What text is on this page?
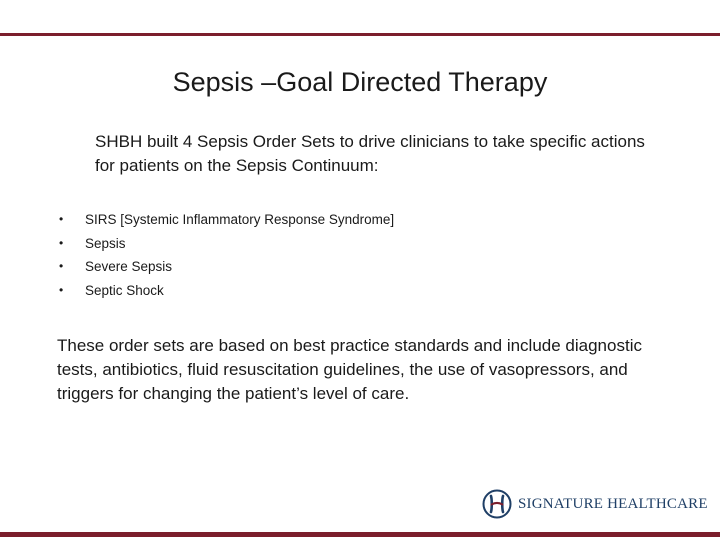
Sepsis –Goal Directed Therapy

SHBH built 4 Sepsis Order Sets to drive clinicians to take specific actions for patients on the Sepsis Continuum:

• SIRS [Systemic Inflammatory Response Syndrome]
• Sepsis
• Severe Sepsis
• Septic Shock

These order sets are based on best practice standards and include diagnostic tests, antibiotics, fluid resuscitation guidelines, the use of vasopressors, and triggers for changing the patient’s level of care.

SIGNATURE HEALTHCARE
